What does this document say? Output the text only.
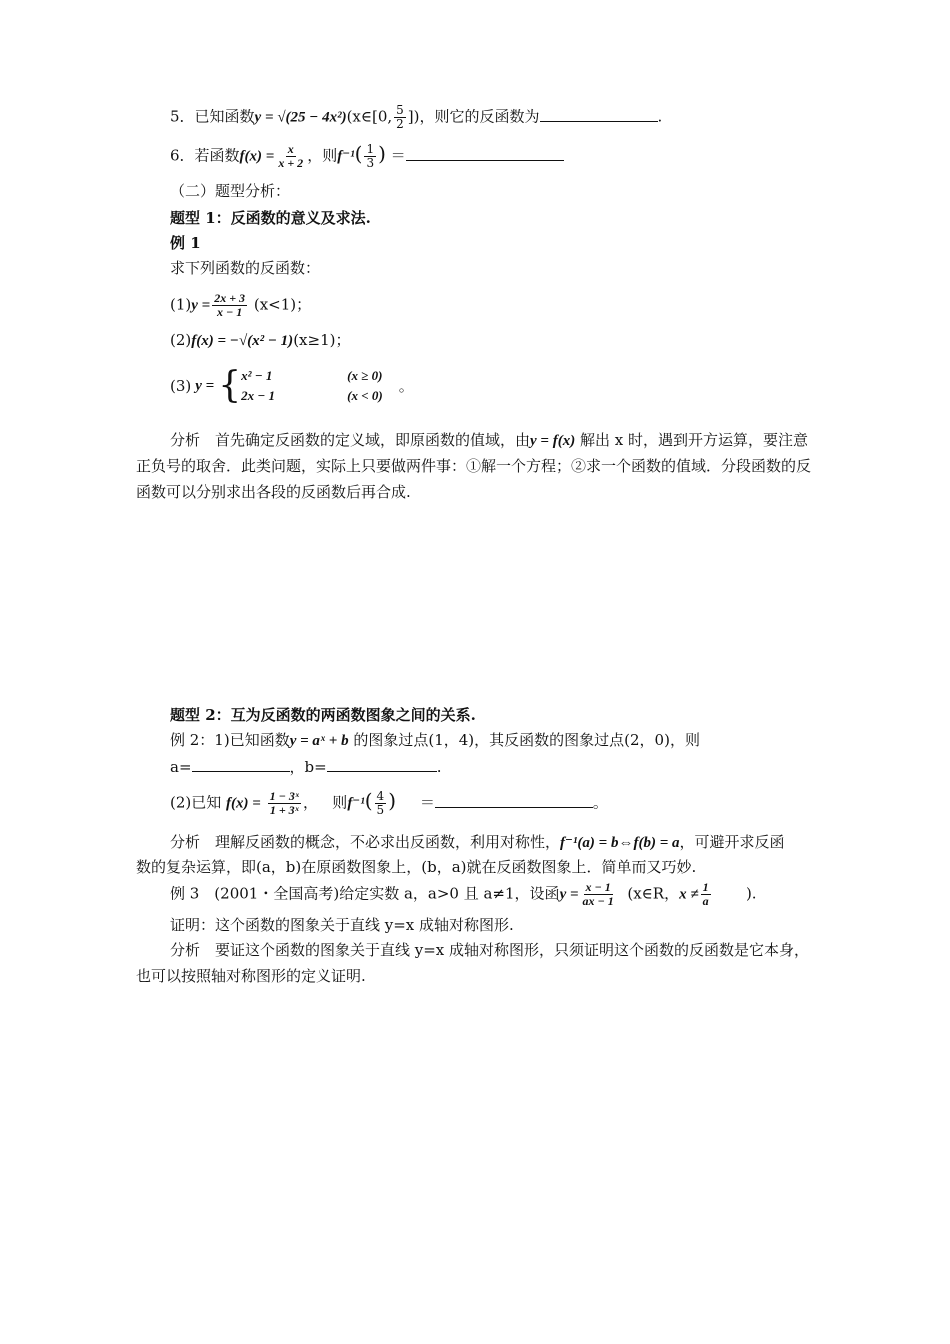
5．已知函数y = √(25 − 4x²)(x∈[0, $\frac{5}{2}$ ])，则它的反函数为	.
6．若函数$f(x) = \frac{x}{x + 2}$ ，则$f^{-1}( \frac{1}{3}$ ) ＝
（二）题型分析：
题型 1：反函数的意义及求法.
例 1
求下列函数的反函数：
$(1)y = \frac{2x + 3}{x - 1} (x<1)$；
(2)f(x) = −√(x² − 1)(x≥1)；
(3) y = { x² − 1	(x ≥ 0)
2x − 1	(x < 0)
。
分析　首先确定反函数的定义域，即原函数的值域，由y = f(x) 解出 x 时，遇到开方运算，要注意
正负号的取舍．此类问题，实际上只要做两件事：①解一个方程；②求一个函数的值域．分段函数的反
函数可以分别求出各段的反函数后再合成.
题型 2：互为反函数的两函数图象之间的关系.
例 2：1)已知函数y = aˣ + b 的图象过点(1，4)，其反函数的图象过点(2，0)，则
a=	，b=	.
(2)已知 $f(x) = \frac{\text{1 − 3ˣ}}{\text{1 + 3ˣ}}$ ， 则$f^{-1}( \frac{4}{5}$ ) ＝	。
分析　理解反函数的概念，不必求出反函数，利用对称性，f⁻¹(a) = b⇔f(b) = a，可避开求反函
数的复杂运算，即(a，b)在原函数图象上，(b，a)就在反函数图象上．简单而又巧妙.
例 3　(2001・全国高考)给定实数 a，a>0 且 a≠1，设函$y = \frac{x - 1}{ax - 1}$ (x∈R，$x \ne \frac{1}{a}$ ).
证明：这个函数的图象关于直线 y=x 成轴对称图形.
分析　要证这个函数的图象关于直线 y=x 成轴对称图形，只须证明这个函数的反函数是它本身，
也可以按照轴对称图形的定义证明.
